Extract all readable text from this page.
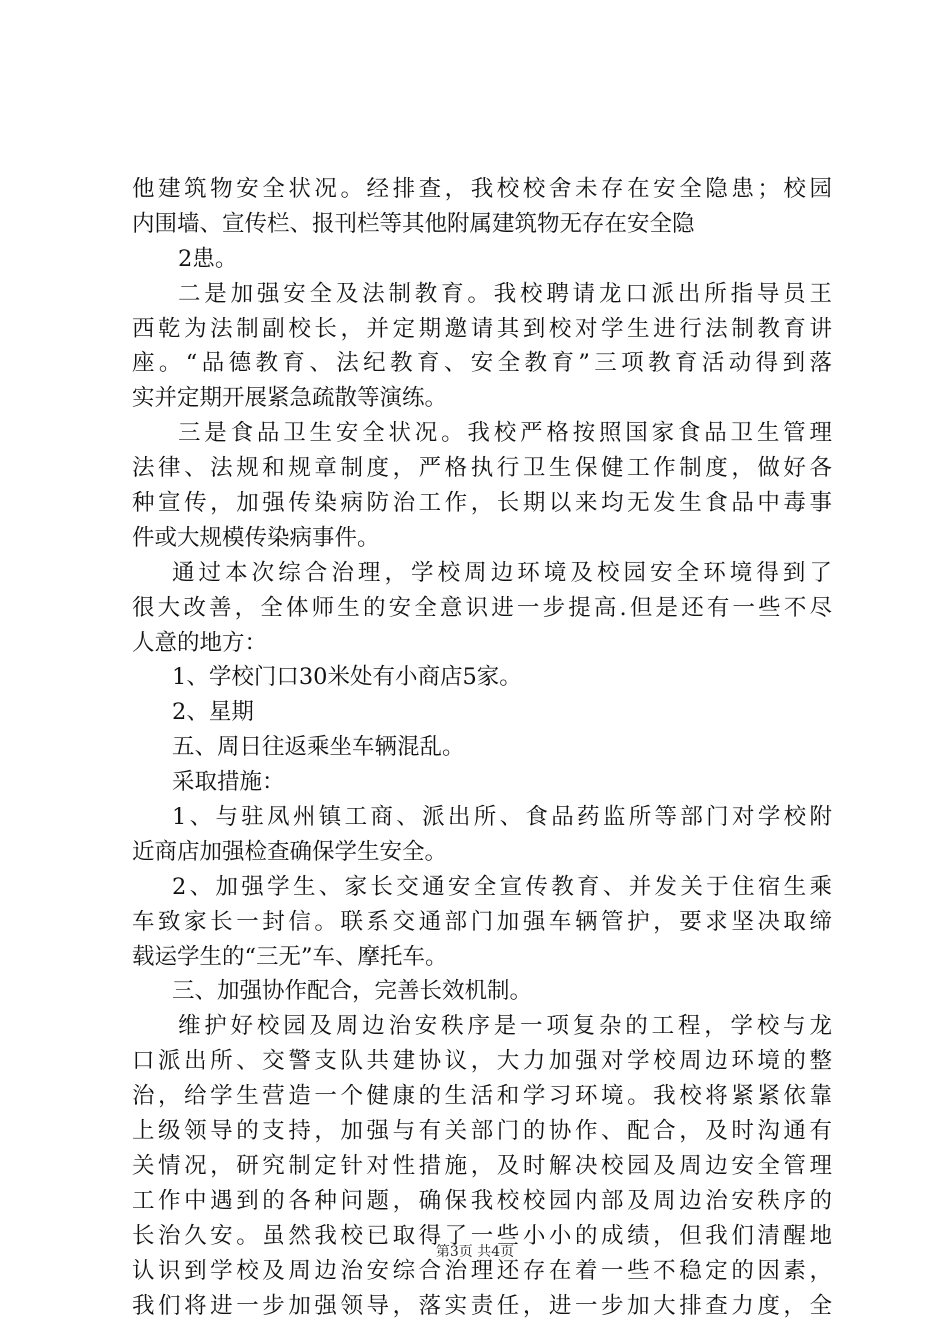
他建筑物安全状况。经排查，我校校舍未存在安全隐患；校园
内围墙、宣传栏、报刊栏等其他附属建筑物无存在安全隐
2患。
二是加强安全及法制教育。我校聘请龙口派出所指导员王
西乾为法制副校长，并定期邀请其到校对学生进行法制教育讲
座。“品德教育、法纪教育、安全教育”三项教育活动得到落
实并定期开展紧急疏散等演练。
三是食品卫生安全状况。我校严格按照国家食品卫生管理
法律、法规和规章制度，严格执行卫生保健工作制度，做好各
种宣传，加强传染病防治工作，长期以来均无发生食品中毒事
件或大规模传染病事件。
通过本次综合治理，学校周边环境及校园安全环境得到了
很大改善，全体师生的安全意识进一步提高.但是还有一些不尽
人意的地方：
1、学校门口30米处有小商店5家。
2、星期
五、周日往返乘坐车辆混乱。
采取措施：
1、与驻凤州镇工商、派出所、食品药监所等部门对学校附
近商店加强检查确保学生安全。
2、加强学生、家长交通安全宣传教育、并发关于住宿生乘
车致家长一封信。联系交通部门加强车辆管护，要求坚决取缔
载运学生的“三无”车、摩托车。
三、加强协作配合，完善长效机制。
维护好校园及周边治安秩序是一项复杂的工程，学校与龙
口派出所、交警支队共建协议，大力加强对学校周边环境的整
治，给学生营造一个健康的生活和学习环境。我校将紧紧依靠
上级领导的支持，加强与有关部门的协作、配合，及时沟通有
关情况，研究制定针对性措施，及时解决校园及周边安全管理
工作中遇到的各种问题，确保我校校园内部及周边治安秩序的
长治久安。虽然我校已取得了一些小小的成绩，但我们清醒地
认识到学校及周边治安综合治理还存在着一些不稳定的因素，
我们将进一步加强领导，落实责任，进一步加大排查力度，全
第3页 共4页
